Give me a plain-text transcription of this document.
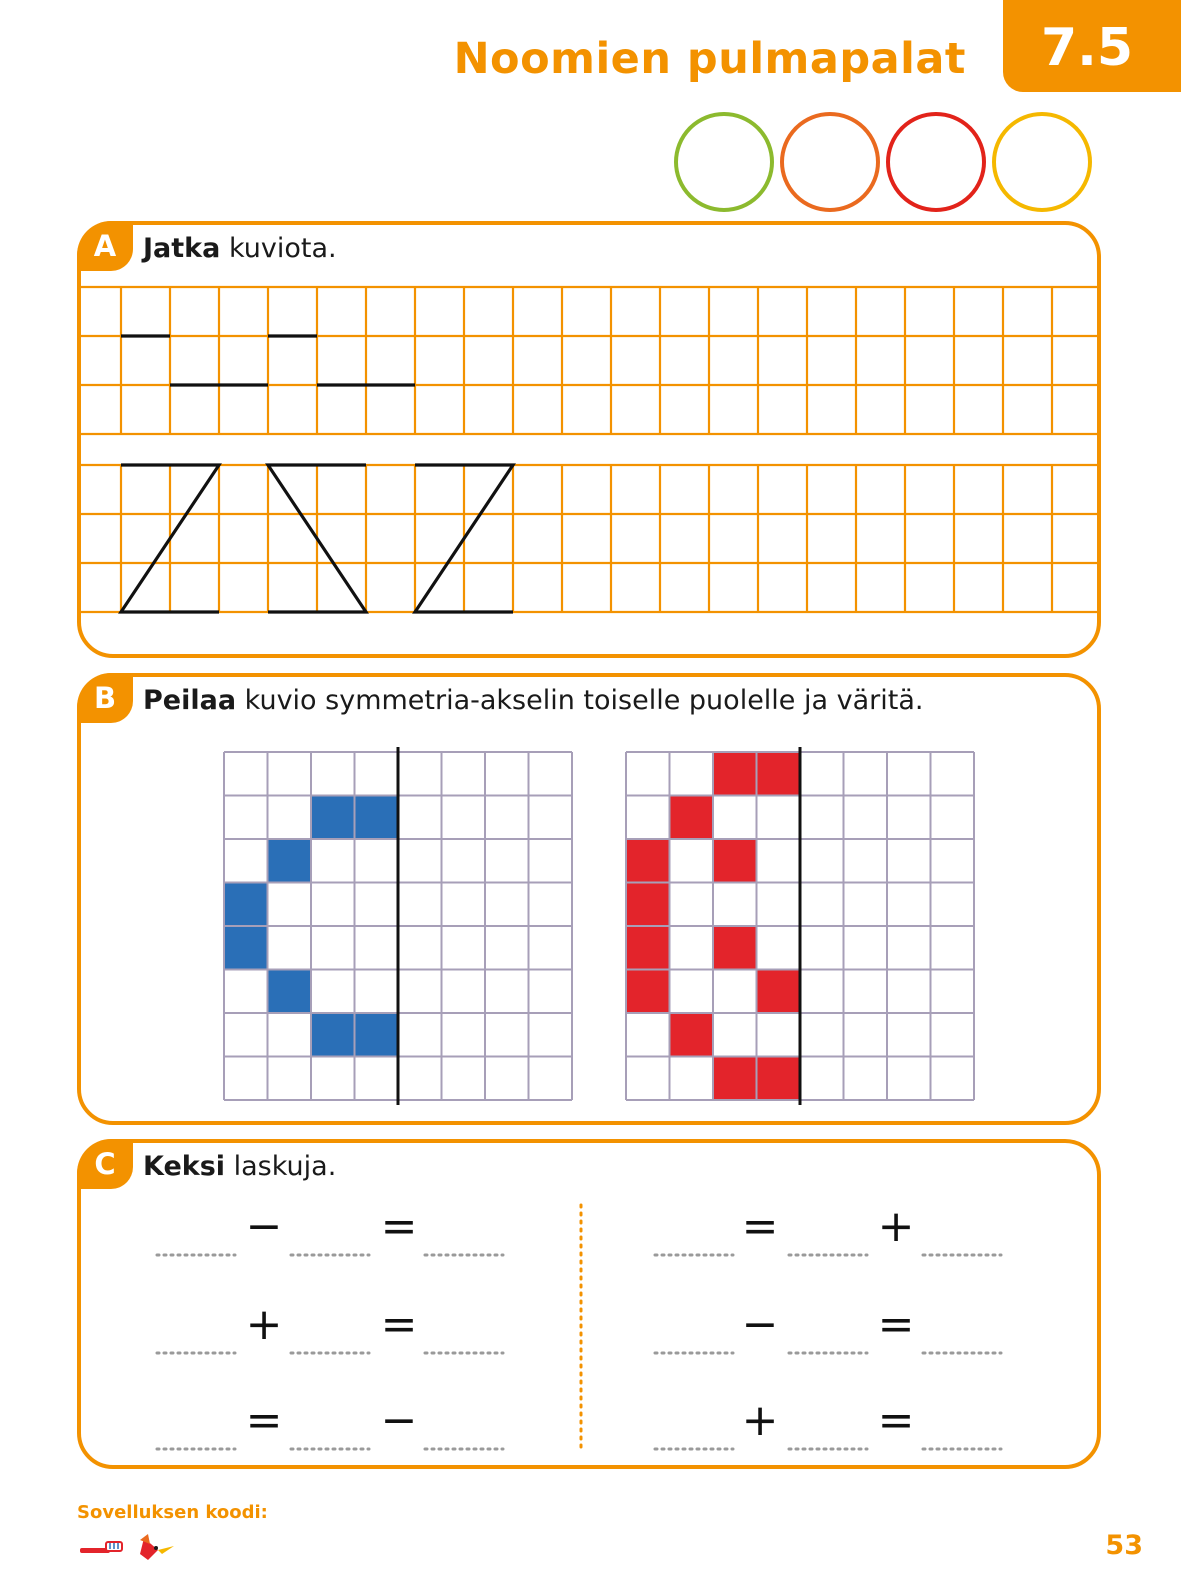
Noomien pulmapalat 7.5
A Jatka kuviota.
B Peilaa kuvio symmetria-akselin toiselle puolelle ja väritä.
C	Keksi laskuja.
− =
+ =
= −
= +
− =
+ =
Sovelluksen koodi:
53
